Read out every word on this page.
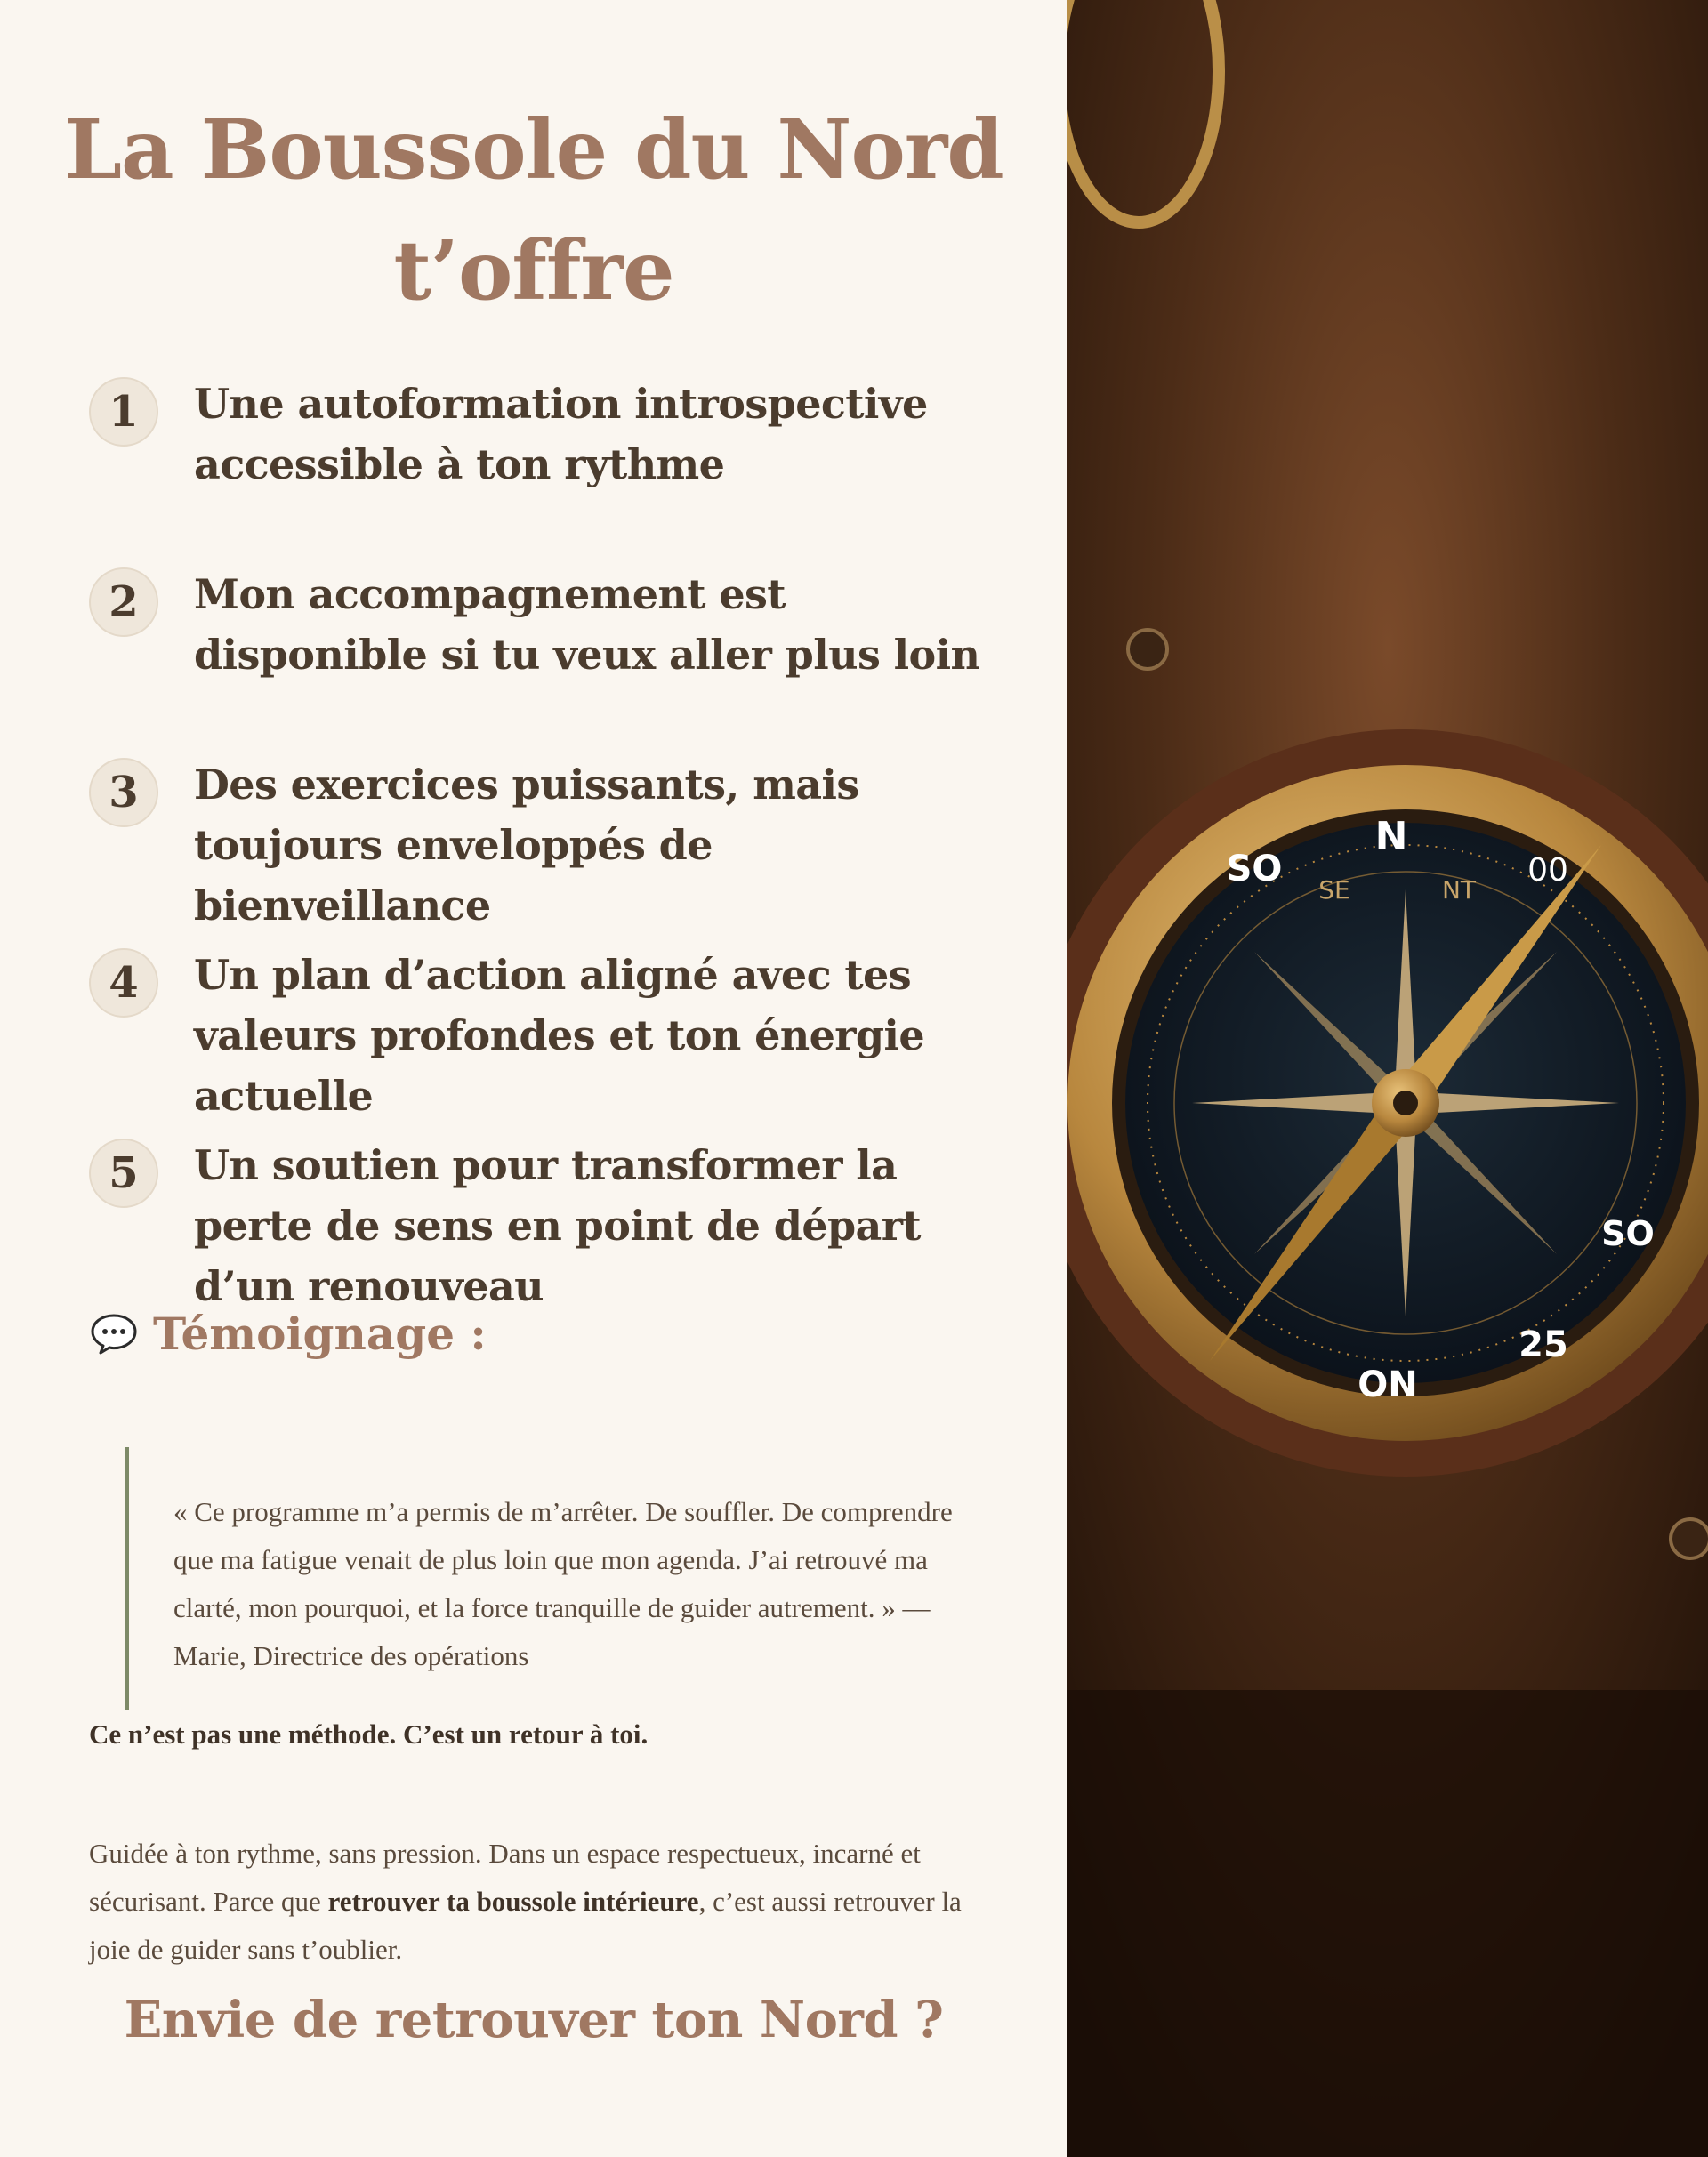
La Boussole du Nord t’offre
1	Une autoformation introspective accessible à ton rythme
2	Mon accompagnement est disponible si tu veux aller plus loin
3	Des exercices puissants, mais toujours enveloppés de bienveillance
4	Un plan d’action aligné avec tes valeurs profondes et ton énergie actuelle
5	Un soutien pour transformer la perte de sens en point de départ d’un renouveau
Témoignage :
« Ce programme m’a permis de m’arrêter. De souffler. De comprendre que ma fatigue venait de plus loin que mon agenda. J’ai retrouvé ma clarté, mon pourquoi, et la force tranquille de guider autrement. » — Marie, Directrice des opérations
Ce n’est pas une méthode. C’est un retour à toi.

Guidée à ton rythme, sans pression. Dans un espace respectueux, incarné et sécurisant. Parce que retrouver ta boussole intérieure, c’est aussi retrouver la joie de guider sans t’oublier.

Envie de retrouver ton Nord ?
N
SO
ON
25
SO
SE	NT
00
